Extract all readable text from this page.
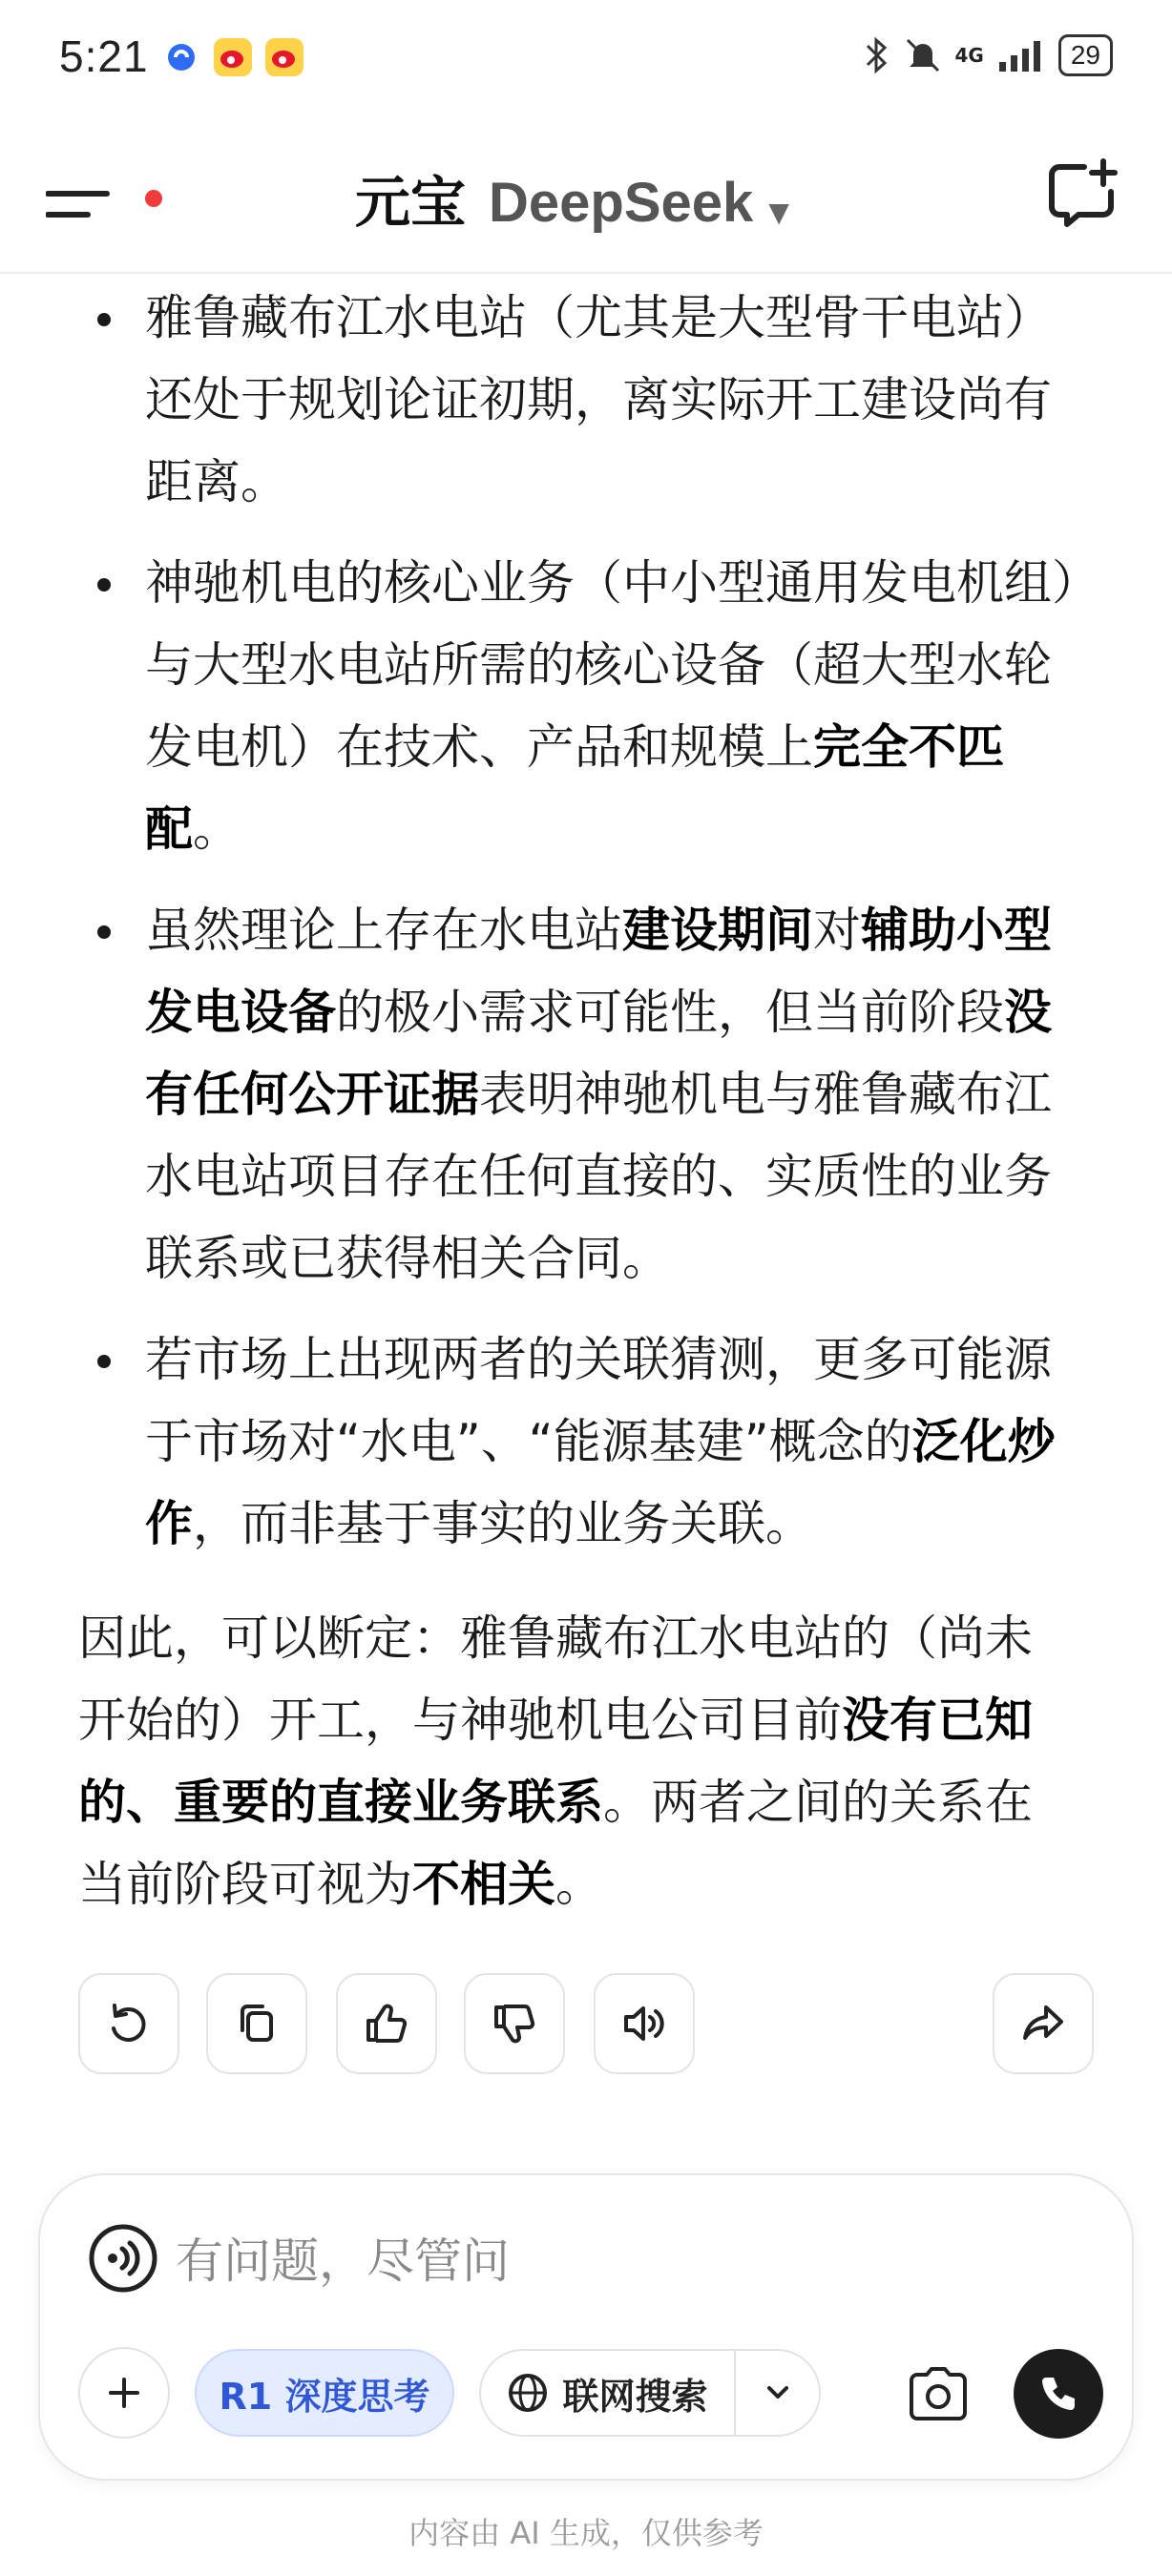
5:21	4G	29
元宝 DeepSeek ▼
雅鲁藏布江水电站（尤其是大型骨干电站）还处于规划论证初期，离实际开工建设尚有距离。
神驰机电的核心业务（中小型通用发电机组）与大型水电站所需的核心设备（超大型水轮发电机）在技术、产品和规模上完全不匹配。
虽然理论上存在水电站建设期间对辅助小型发电设备的极小需求可能性，但当前阶段没有任何公开证据表明神驰机电与雅鲁藏布江水电站项目存在任何直接的、实质性的业务联系或已获得相关合同。
若市场上出现两者的关联猜测，更多可能源于市场对“水电”、“能源基建”概念的泛化炒作，而非基于事实的业务关联。
因此，可以断定：雅鲁藏布江水电站的（尚未开始的）开工，与神驰机电公司目前没有已知的、重要的直接业务联系。两者之间的关系在当前阶段可视为不相关。
有问题，尽管问
R1 深度思考	联网搜索
内容由 AI 生成，仅供参考
